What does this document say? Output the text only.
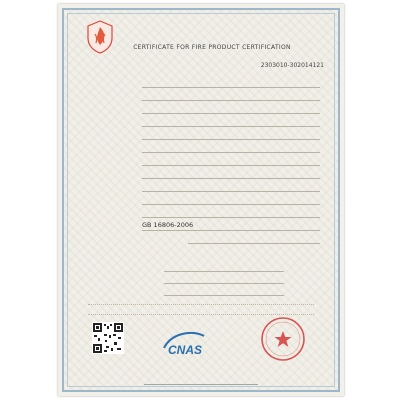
CERTIFICATE FOR FIRE PRODUCT CERTIFICATION
2303010-302014121
GB 16806-2006
CNAS
